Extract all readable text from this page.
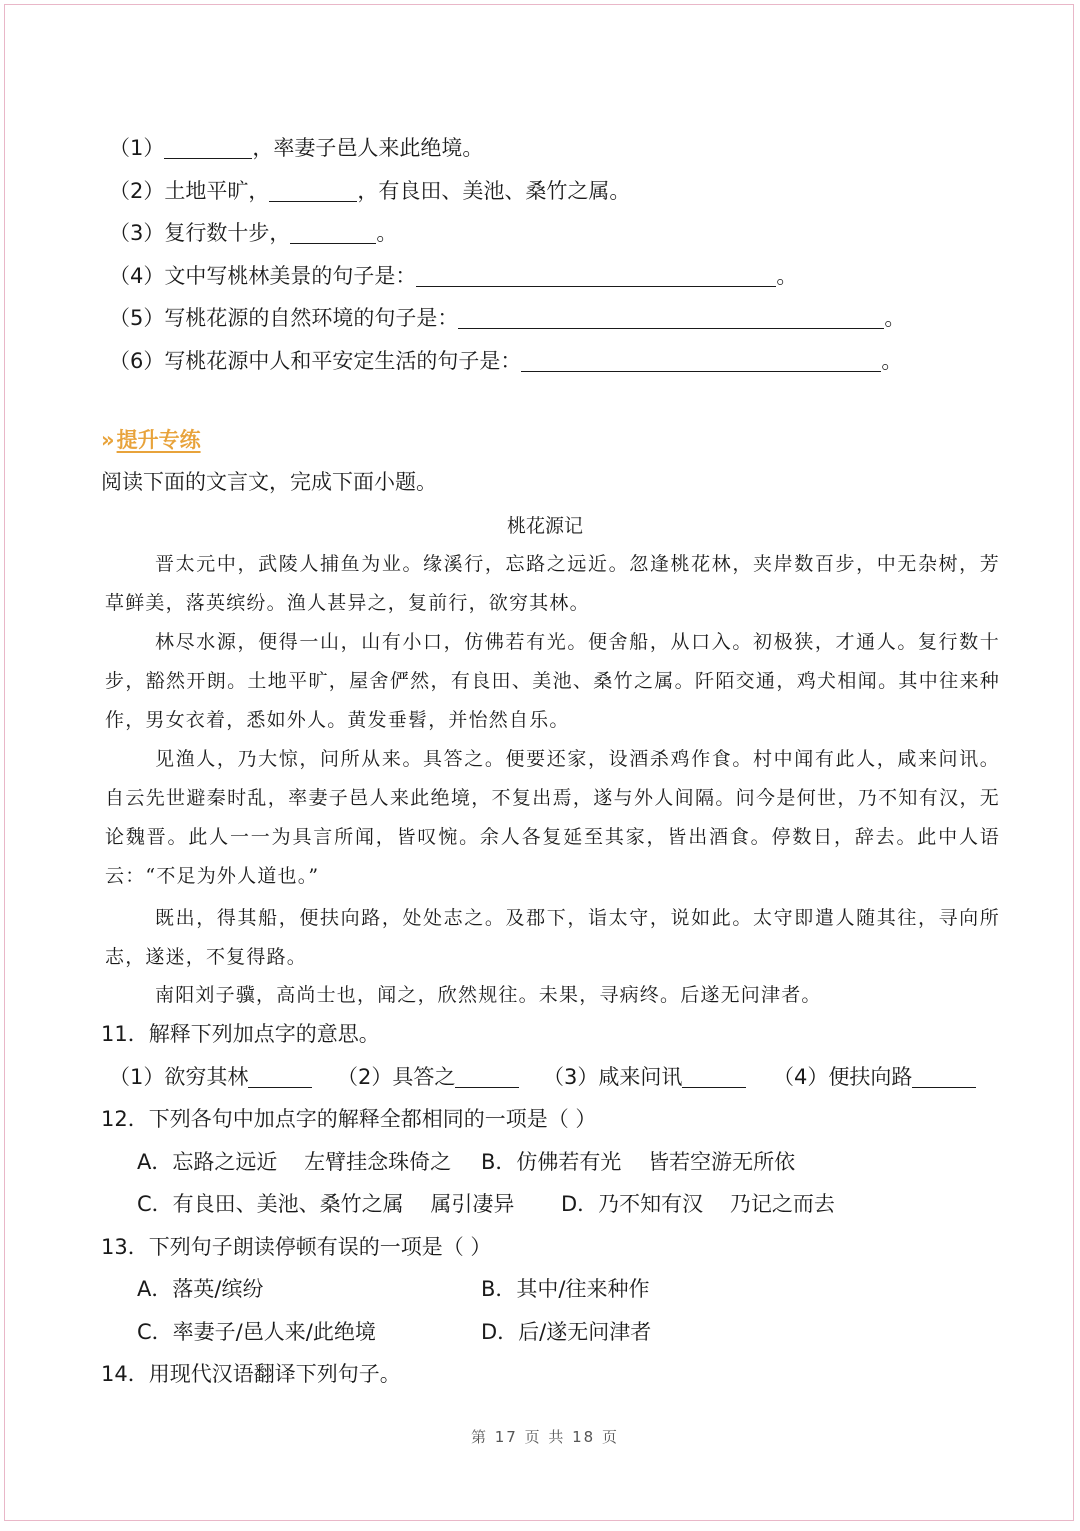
（1）	，率妻子邑人来此绝境。
（2）土地平旷，	，有良田、美池、桑竹之属。
（3）复行数十步，	。
（4）文中写桃林美景的句子是：	。
（5）写桃花源的自然环境的句子是：	。
（6）写桃花源中人和平安定生活的句子是：	。
»提升专练
阅读下面的文言文，完成下面小题。
桃花源记

晋太元中，武陵人捕鱼为业。缘溪行，忘路之远近。忽逢桃花林，夹岸数百步，中无杂树，芳草鲜美，落英缤纷。渔人甚异之，复前行，欲穷其林。

林尽水源，便得一山，山有小口，仿佛若有光。便舍船，从口入。初极狭，才通人。复行数十步，豁然开朗。土地平旷，屋舍俨然，有良田、美池、桑竹之属。阡陌交通，鸡犬相闻。其中往来种作，男女衣着，悉如外人。黄发垂髫，并怡然自乐。

见渔人，乃大惊，问所从来。具答之。便要还家，设酒杀鸡作食。村中闻有此人，咸来问讯。自云先世避秦时乱，率妻子邑人来此绝境，不复出焉，遂与外人间隔。问今是何世，乃不知有汉，无论魏晋。此人一一为具言所闻，皆叹惋。余人各复延至其家，皆出酒食。停数日，辞去。此中人语云：“不足为外人道也。”

既出，得其船，便扶向路，处处志之。及郡下，诣太守，说如此。太守即遣人随其往，寻向所志，遂迷，不复得路。

南阳刘子骥，高尚士也，闻之，欣然规往。未果，寻病终。后遂无问津者。

11．解释下列加点字的意思。
（1）欲穷其林	（2）具答之	（3）咸来问讯	（4）便扶向路
12．下列各句中加点字的解释全都相同的一项是（ ）
A．忘路之远近    左臂挂念珠倚之 B．仿佛若有光    皆若空游无所依
C．有良田、美池、桑竹之属    属引凄异 D．乃不知有汉    乃记之而去
13．下列句子朗读停顿有误的一项是（ ）
A．落英/缤纷	B．其中/往来种作
C．率妻子/邑人来/此绝境	D．后/遂无问津者
14．用现代汉语翻译下列句子。
第 17 页 共 18 页
